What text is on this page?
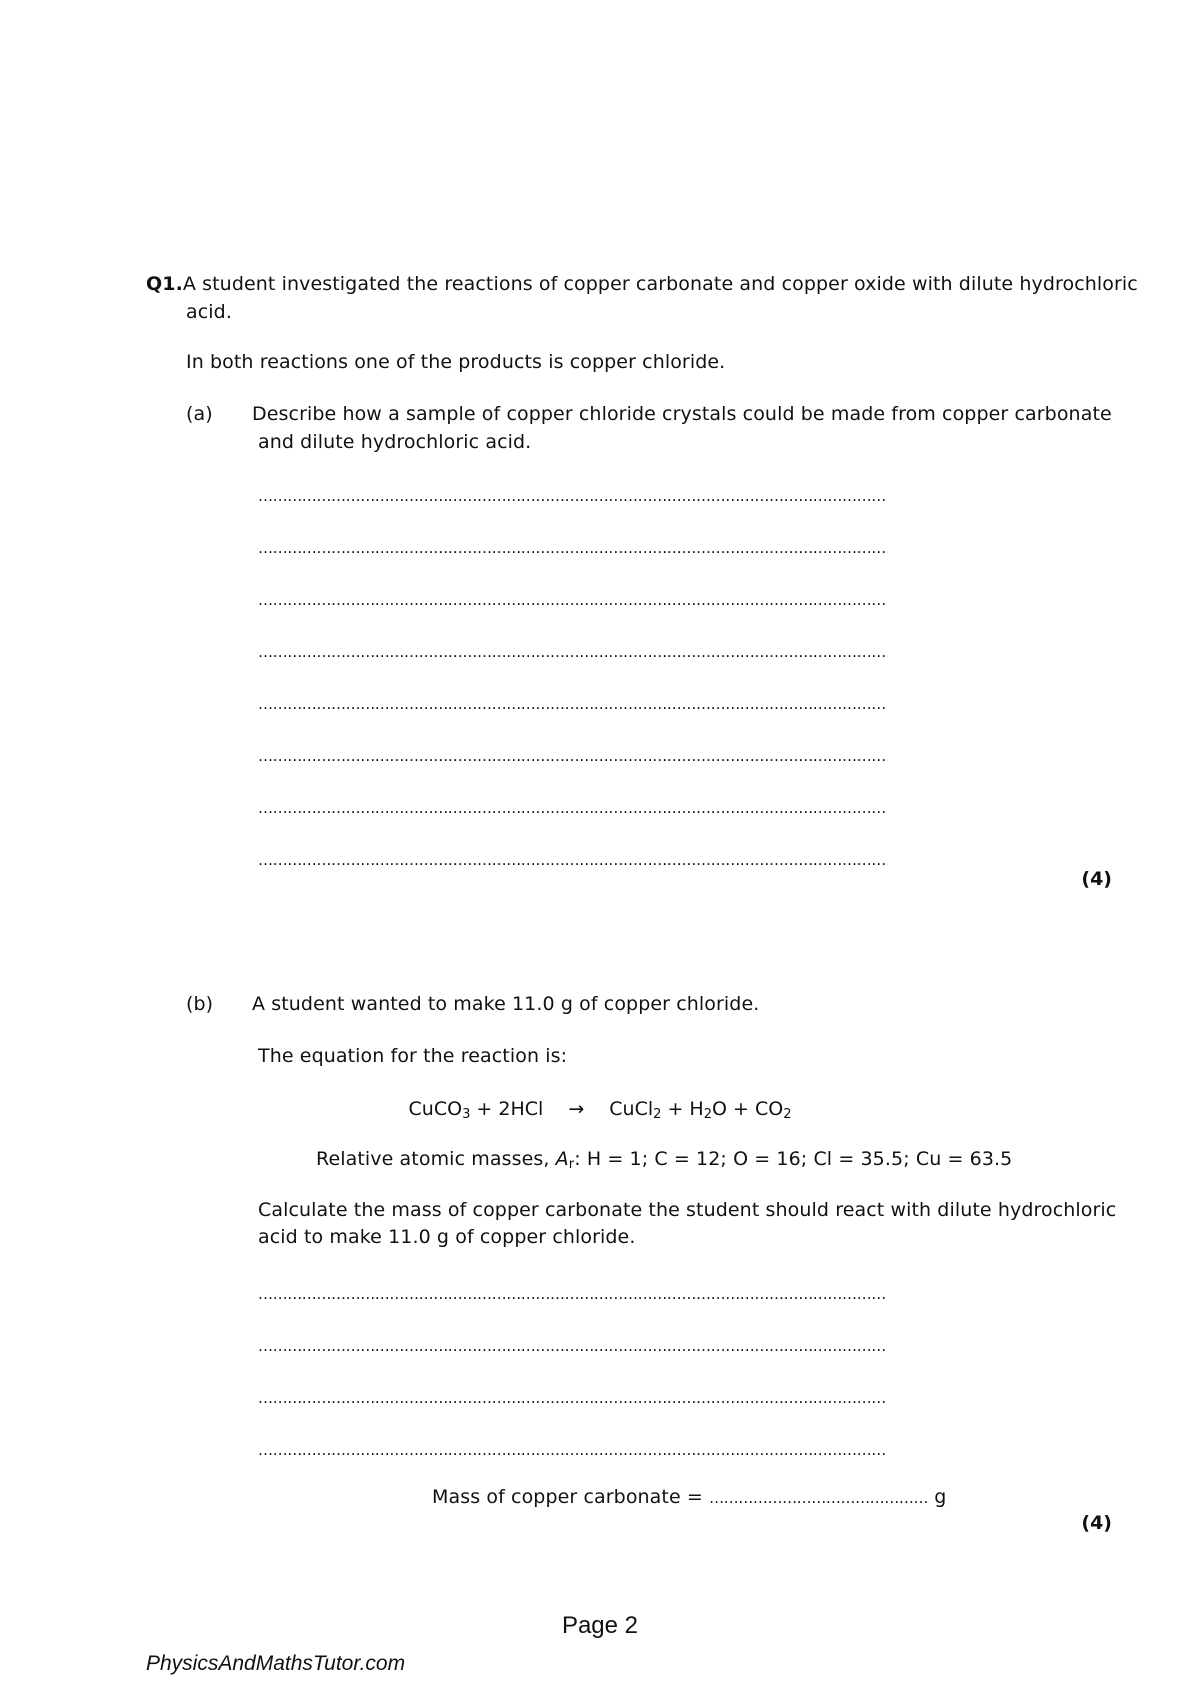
Q1.A student investigated the reactions of copper carbonate and copper oxide with dilute hydrochloric
acid.
In both reactions one of the products is copper chloride.
(a) Describe how a sample of copper chloride crystals could be made from copper carbonate
and dilute hydrochloric acid.
…………………………………………………………………………………………………………………
…………………………………………………………………………………………………………………
…………………………………………………………………………………………………………………
…………………………………………………………………………………………………………………
…………………………………………………………………………………………………………………
…………………………………………………………………………………………………………………
…………………………………………………………………………………………………………………
…………………………………………………………………………………………………………………
(4)
(b) A student wanted to make 11.0 g of copper chloride.
The equation for the reaction is:
CuCO$_3$ + 2HCl → CuCl$_2$ + $H_2O + CO_2$
Relative atomic masses, $A_r$: H = 1; C = 12; O = 16; Cl = 35.5; Cu = 63.5
Calculate the mass of copper carbonate the student should react with dilute hydrochloric
acid to make 11.0 g of copper chloride.
…………………………………………………………………………………………………………………
…………………………………………………………………………………………………………………
…………………………………………………………………………………………………………………
…………………………………………………………………………………………………………………
Mass of copper carbonate = ……………………………………… g
(4)
Page 2
PhysicsAndMathsTutor.com
